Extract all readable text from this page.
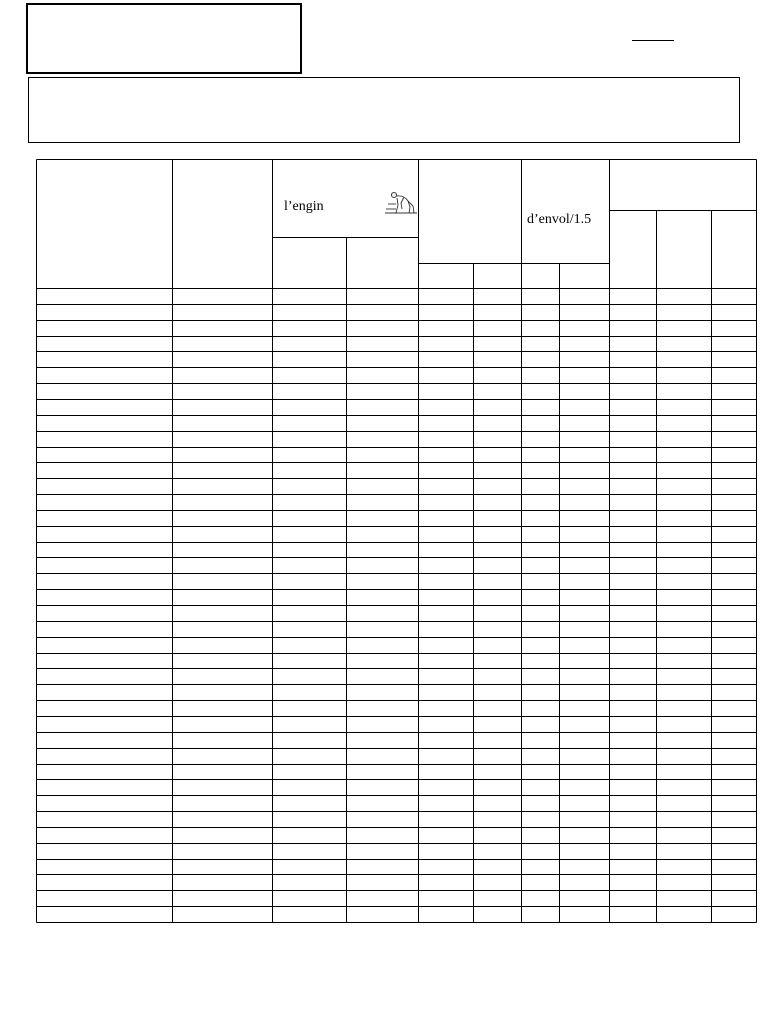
l’engin
d’envol/1.5
